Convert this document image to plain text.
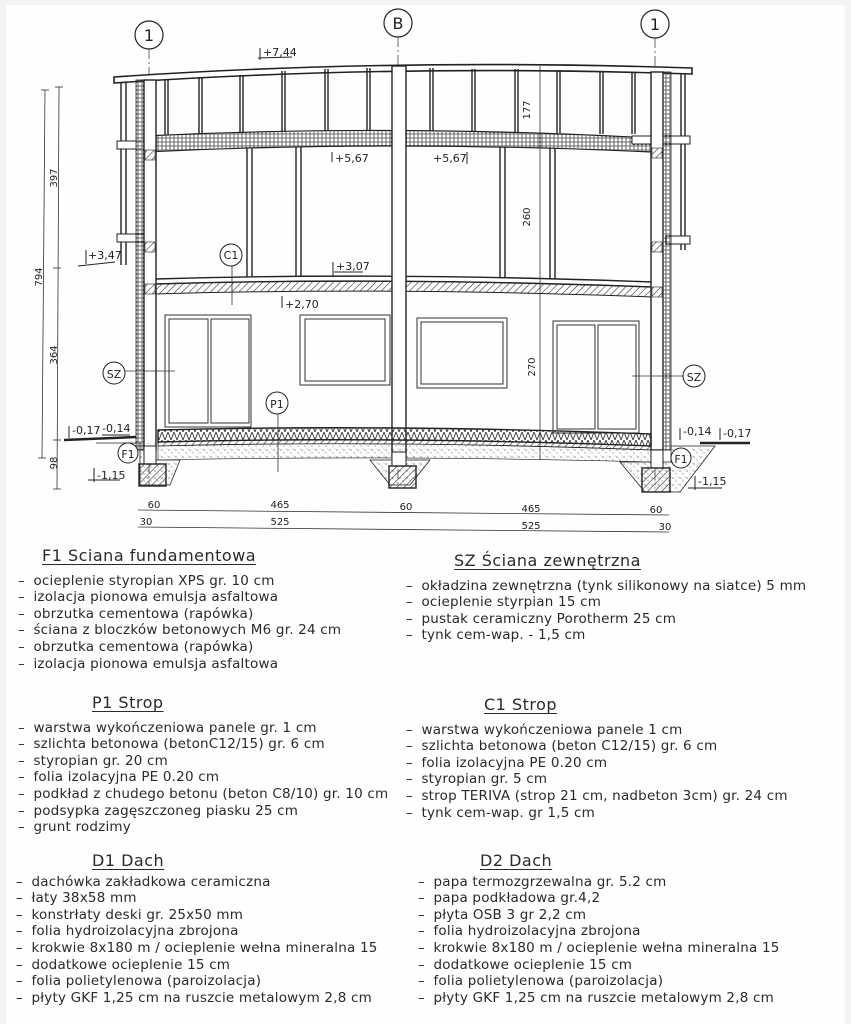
1
B	1
+7,44
+5,67	+5,67
+3,47
+3,07
+2,70
-0,17 -0,14	-0,14 -0,17
-1,15	-1,15
C1
SZ	SZ
P1
F1	F1
794
397
364
98
177
260
270
60	465	60	465	60
30	525	525	30
F1 Sciana fundamentowa
– ocieplenie styropian XPS gr. 10 cm
– izolacja pionowa emulsja asfaltowa
– obrzutka cementowa (rapówka)
– ściana z bloczków betonowych M6 gr. 24 cm
– obrzutka cementowa (rapówka)
– izolacja pionowa emulsja asfaltowa
SZ Ściana zewnętrzna
– okładzina zewnętrzna (tynk silikonowy na siatce) 5 mm
– ocieplenie styrpian 15 cm
– pustak ceramiczny Porotherm 25 cm
– tynk cem-wap. - 1,5 cm
P1 Strop
– warstwa wykończeniowa panele gr. 1 cm
– szlichta betonowa (betonC12/15) gr. 6 cm
– styropian gr. 20 cm
– folia izolacyjna PE 0.20 cm
– podkład z chudego betonu (beton C8/10) gr. 10 cm
– podsypka zagęszczoneg piasku 25 cm
– grunt rodzimy
C1 Strop
– warstwa wykończeniowa panele 1 cm
– szlichta betonowa (beton C12/15) gr. 6 cm
– folia izolacyjna PE 0.20 cm
– styropian gr. 5 cm
– strop TERIVA (strop 21 cm, nadbeton 3cm) gr. 24 cm
– tynk cem-wap. gr 1,5 cm
D1 Dach
– dachówka zakładkowa ceramiczna
– łaty 38x58 mm
– konstrłaty deski gr. 25x50 mm
– folia hydroizolacyjna zbrojona
– krokwie 8x180 m / ocieplenie wełna mineralna 15
– dodatkowe ocieplenie 15 cm
– folia polietylenowa (paroizolacja)
– płyty GKF 1,25 cm na ruszcie metalowym 2,8 cm
D2 Dach
– papa termozgrzewalna gr. 5.2 cm
– papa podkładowa gr.4,2
– płyta OSB 3 gr 2,2 cm
– folia hydroizolacyjna zbrojona
– krokwie 8x180 m / ocieplenie wełna mineralna 15
– dodatkowe ocieplenie 15 cm
– folia polietylenowa (paroizolacja)
– płyty GKF 1,25 cm na ruszcie metalowym 2,8 cm
